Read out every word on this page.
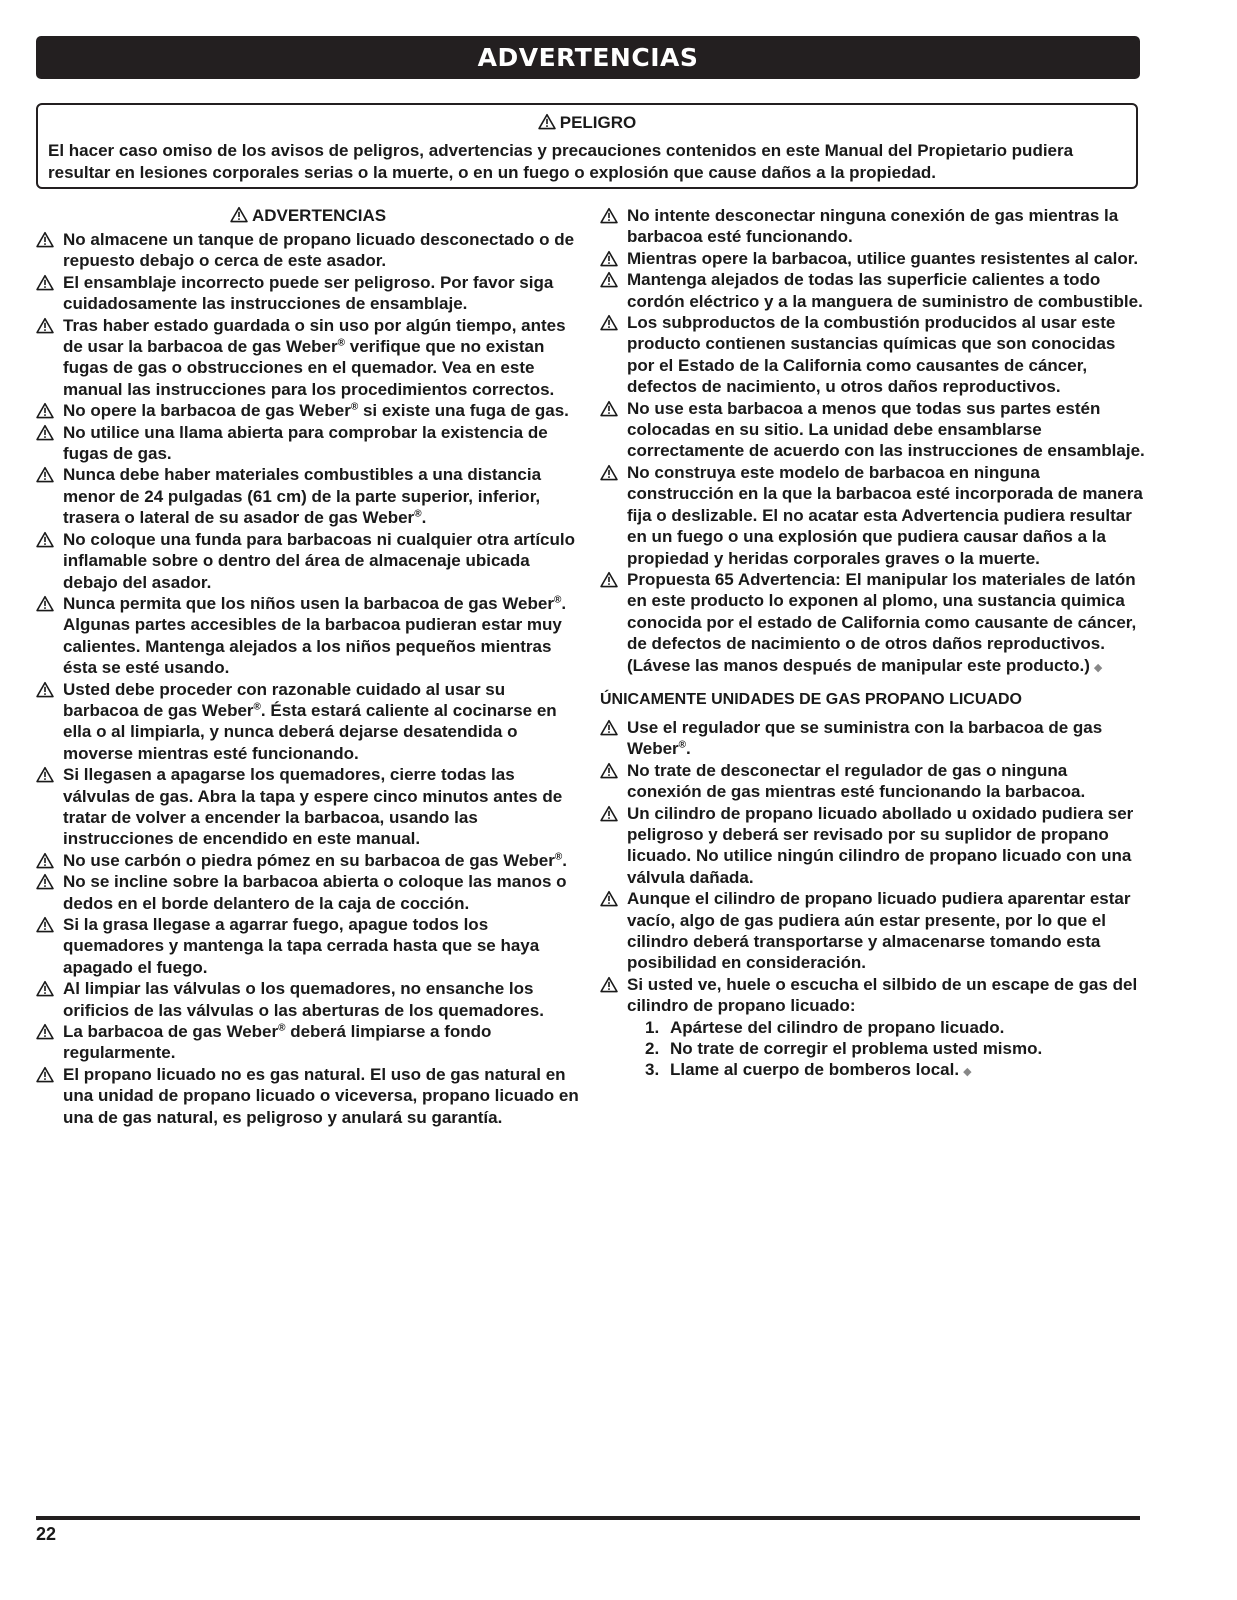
ADVERTENCIAS
PELIGRO
El hacer caso omiso de los avisos de peligros, advertencias y precauciones contenidos en este Manual del Propietario pudiera resultar en lesiones corporales serias o la muerte, o en un fuego o explosión que cause daños a la propiedad.
ADVERTENCIAS
No almacene un tanque de propano licuado desconectado o de repuesto debajo o cerca de este asador.
El ensamblaje incorrecto puede ser peligroso. Por favor siga cuidadosamente las instrucciones de ensamblaje.
Tras haber estado guardada o sin uso por algún tiempo, antes de usar la barbacoa de gas Weber® verifique que no existan fugas de gas o obstrucciones en el quemador. Vea en este manual las instrucciones para los procedimientos correctos.
No opere la barbacoa de gas Weber® si existe una fuga de gas.
No utilice una llama abierta para comprobar la existencia de fugas de gas.
Nunca debe haber materiales combustibles a una distancia menor de 24 pulgadas (61 cm) de la parte superior, inferior, trasera o lateral de su asador de gas Weber®.
No coloque una funda para barbacoas ni cualquier otra artículo inflamable sobre o dentro del área de almacenaje ubicada debajo del asador.
Nunca permita que los niños usen la barbacoa de gas Weber®. Algunas partes accesibles de la barbacoa pudieran estar muy calientes. Mantenga alejados a los niños pequeños mientras ésta se esté usando.
Usted debe proceder con razonable cuidado al usar su barbacoa de gas Weber®. Ésta estará caliente al cocinarse en ella o al limpiarla, y nunca deberá dejarse desatendida o moverse mientras esté funcionando.
Si llegasen a apagarse los quemadores, cierre todas las válvulas de gas. Abra la tapa y espere cinco minutos antes de tratar de volver a encender la barbacoa, usando las instrucciones de encendido en este manual.
No use carbón o piedra pómez en su barbacoa de gas Weber®.
No se incline sobre la barbacoa abierta o coloque las manos o dedos en el borde delantero de la caja de cocción.
Si la grasa llegase a agarrar fuego, apague todos los quemadores y mantenga la tapa cerrada hasta que se haya apagado el fuego.
Al limpiar las válvulas o los quemadores, no ensanche los orificios de las válvulas o las aberturas de los quemadores.
La barbacoa de gas Weber® deberá limpiarse a fondo regularmente.
El propano licuado no es gas natural. El uso de gas natural en una unidad de propano licuado o viceversa, propano licuado en una de gas natural, es peligroso y anulará su garantía.
No intente desconectar ninguna conexión de gas mientras la barbacoa esté funcionando.
Mientras opere la barbacoa, utilice guantes resistentes al calor.
Mantenga alejados de todas las superficie calientes a todo cordón eléctrico y a la manguera de suministro de combustible.
Los subproductos de la combustión producidos al usar este producto contienen sustancias químicas que son conocidas por el Estado de la California como causantes de cáncer, defectos de nacimiento, u otros daños reproductivos.
No use esta barbacoa a menos que todas sus partes estén colocadas en su sitio. La unidad debe ensamblarse correctamente de acuerdo con las instrucciones de ensamblaje.
No construya este modelo de barbacoa en ninguna construcción en la que la barbacoa esté incorporada de manera fija o deslizable. El no acatar esta Advertencia pudiera resultar en un fuego o una explosión que pudiera causar daños a la propiedad y heridas corporales graves o la muerte.
Propuesta 65 Advertencia: El manipular los materiales de latón en este producto lo exponen al plomo, una sustancia quimica conocida por el estado de California como causante de cáncer, de defectos de nacimiento o de otros daños reproductivos.
(Lávese las manos después de manipular este producto.) ◆
ÚNICAMENTE UNIDADES DE GAS PROPANO LICUADO
Use el regulador que se suministra con la barbacoa de gas Weber®.
No trate de desconectar el regulador de gas o ninguna conexión de gas mientras esté funcionando la barbacoa.
Un cilindro de propano licuado abollado u oxidado pudiera ser peligroso y deberá ser revisado por su suplidor de propano licuado. No utilice ningún cilindro de propano licuado con una válvula dañada.
Aunque el cilindro de propano licuado pudiera aparentar estar vacío, algo de gas pudiera aún estar presente, por lo que el cilindro deberá transportarse y almacenarse tomando esta posibilidad en consideración.
Si usted ve, huele o escucha el silbido de un escape de gas del cilindro de propano licuado:
1. Apártese del cilindro de propano licuado.
2. No trate de corregir el problema usted mismo.
3. Llame al cuerpo de bomberos local. ◆
22
